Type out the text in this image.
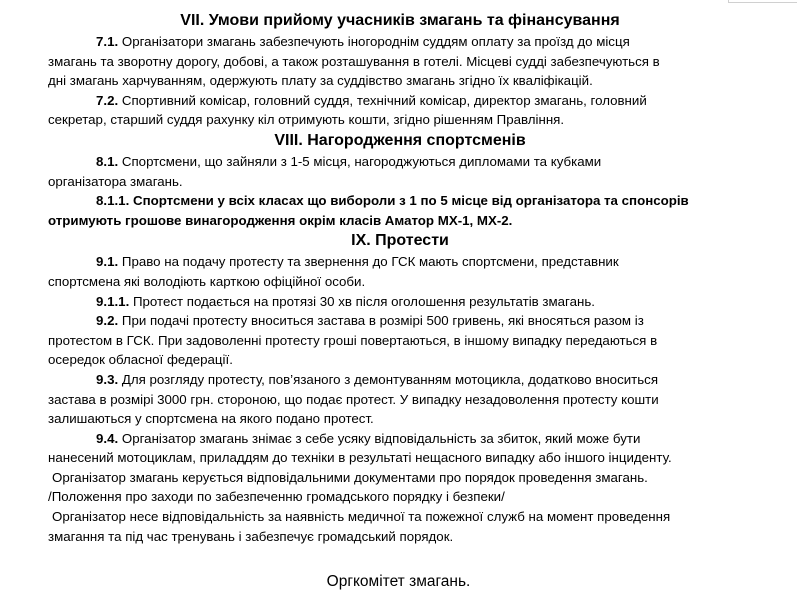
VII. Умови прийому учасників змагань та фінансування

7.1. Організатори змагань забезпечують іногороднім суддям оплату за проїзд до місця

змагань та зворотну дорогу, добові, а також розташування в готелі. Місцеві судді забезпечуються в

дні змагань харчуванням, одержують плату за суддівство змагань згідно їх кваліфікацій.

7.2. Спортивний комісар, головний суддя, технічний комісар, директор змагань, головний

секретар, старший суддя рахунку кіл отримують кошти, згідно рішенням Правління.

VIII. Нагородження спортсменів

8.1. Спортсмени, що зайняли з 1-5 місця, нагороджуються дипломами та кубками

організатора змагань.

8.1.1. Спортсмени у всіх класах що вибороли з 1 по 5 місце від організатора та спонсорів

отримують грошове винагородження окрім класів Аматор МХ-1, МХ-2.

IX. Протести

9.1. Право на подачу протесту та звернення до ГСК мають спортсмени, представник

спортсмена які володіють карткою офіційної особи.

9.1.1. Протест подається на протязі 30 хв після оголошення результатів змагань.

9.2. При подачі протесту вноситься застава в розмірі 500 гривень, які вносяться разом із

протестом в ГСК. При задоволенні протесту гроші повертаються, в іншому випадку передаються в

осередок обласної федерації.

9.3. Для розгляду протесту, пов’язаного з демонтуванням мотоцикла, додатково вноситься

застава в розмірі 3000 грн. стороною, що подає протест. У випадку незадоволення протесту кошти

залишаються у спортсмена на якого подано протест.

9.4. Організатор змагань знімає з себе усяку відповідальність за збиток, який може бути

нанесений мотоциклам, приладдям до техніки в результаті нещасного випадку або іншого інциденту.

Організатор змагань керується відповідальними документами про порядок проведення змагань.

/Положення про заходи по забезпеченню громадського порядку і безпеки/

Організатор несе відповідальність за наявність медичної та пожежної служб на момент проведення

змагання та під час тренувань і забезпечує громадський порядок.

Оргкомітет змагань.
